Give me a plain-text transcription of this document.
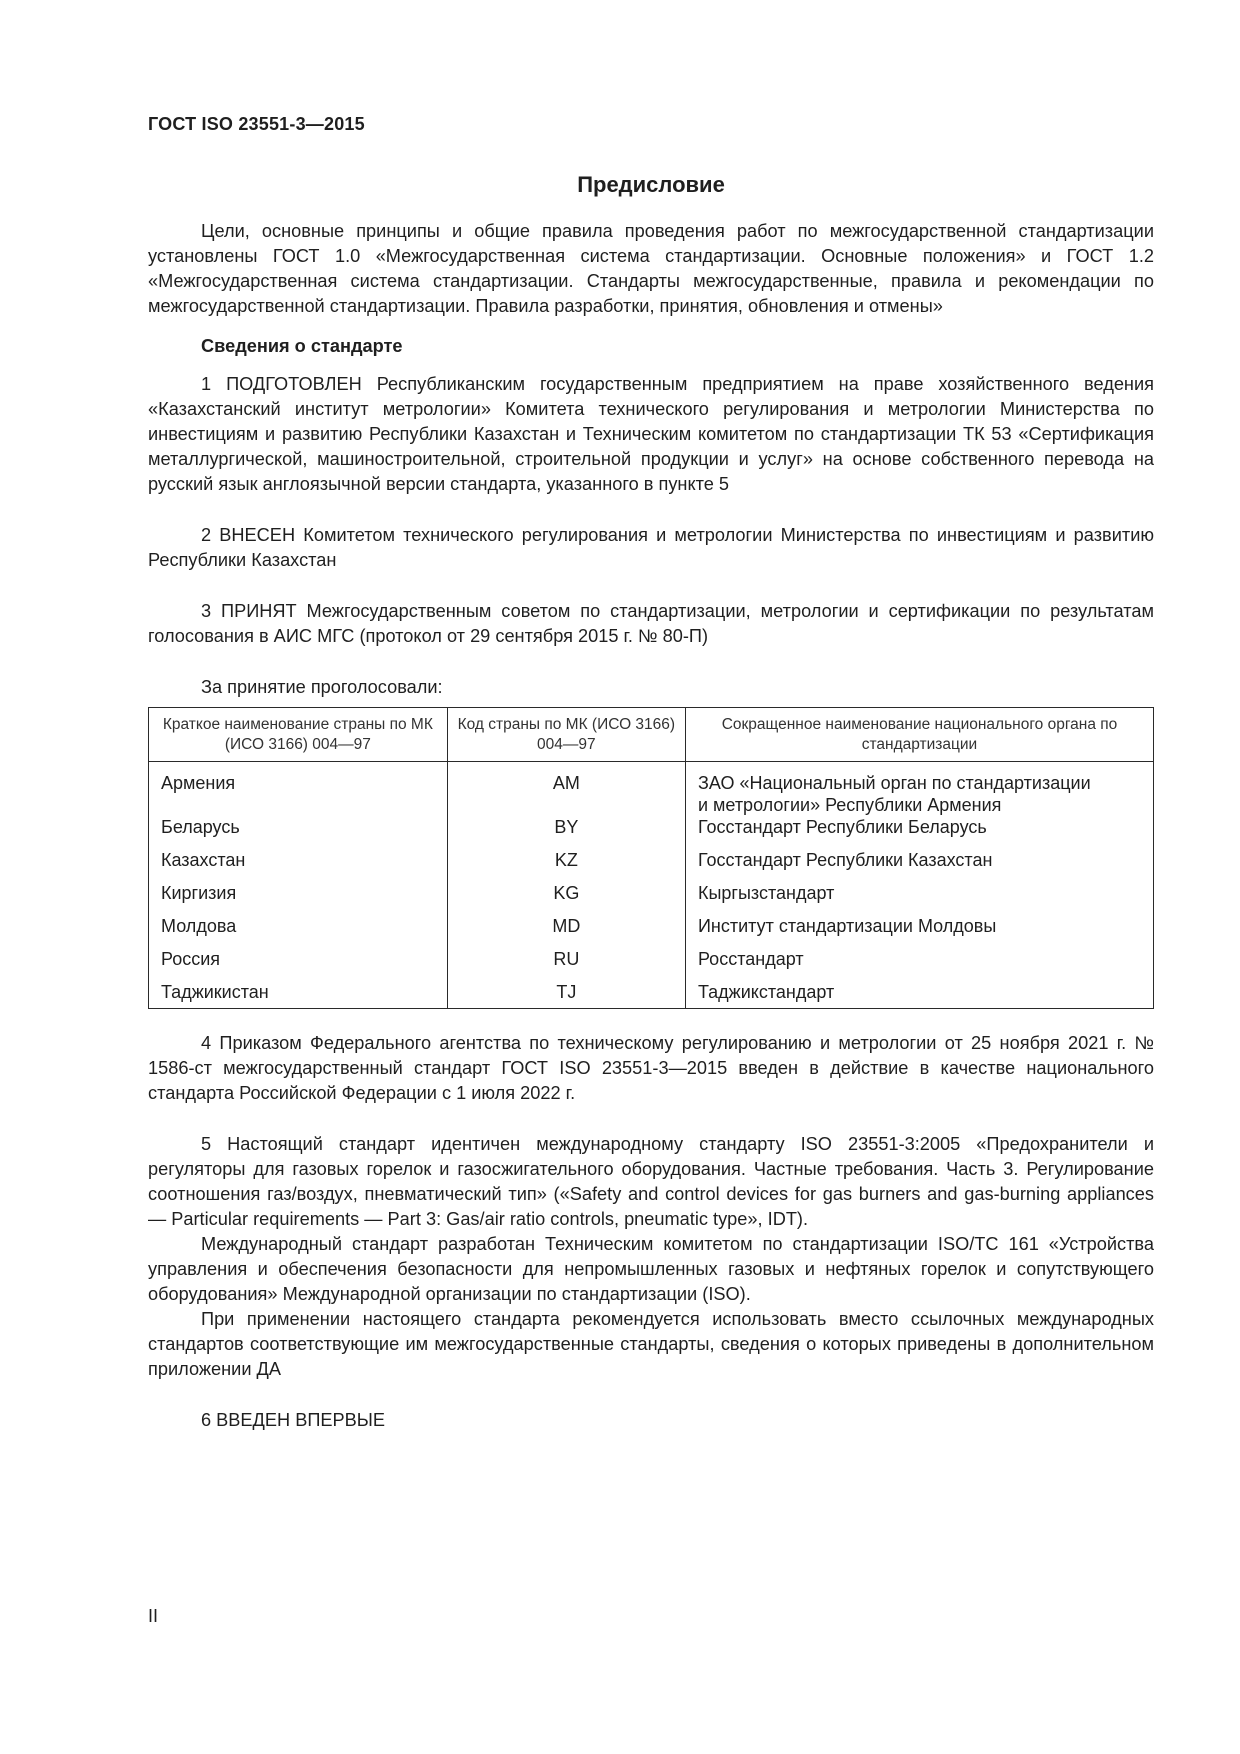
ГОСТ ISO 23551-3—2015
Предисловие

Цели, основные принципы и общие правила проведения работ по межгосударственной стандартизации установлены ГОСТ 1.0 «Межгосударственная система стандартизации. Основные положения» и ГОСТ 1.2 «Межгосударственная система стандартизации. Стандарты межгосударственные, правила и рекомендации по межгосударственной стандартизации. Правила разработки, принятия, обновления и отмены»

Сведения о стандарте

1 ПОДГОТОВЛЕН Республиканским государственным предприятием на праве хозяйственного ведения «Казахстанский институт метрологии» Комитета технического регулирования и метрологии Министерства по инвестициям и развитию Республики Казахстан и Техническим комитетом по стандартизации ТК 53 «Сертификация металлургической, машиностроительной, строительной продукции и услуг» на основе собственного перевода на русский язык англоязычной версии стандарта, указанного в пункте 5

2 ВНЕСЕН Комитетом технического регулирования и метрологии Министерства по инвестициям и развитию Республики Казахстан

3 ПРИНЯТ Межгосударственным советом по стандартизации, метрологии и сертификации по результатам голосования в АИС МГС (протокол от 29 сентября 2015 г. № 80-П)

За принятие проголосовали:

Краткое наименование страны по МК (ИСО 3166) 004—97	Код страны по МК (ИСО 3166) 004—97	Сокращенное наименование национального органа по стандартизации
Армения	AM	ЗАО «Национальный орган по стандартизации
и метрологии» Республики Армения

Беларусь	BY	Госстандарт Республики Беларусь
Казахстан	KZ	Госстандарт Республики Казахстан
Киргизия	KG	Кыргызстандарт
Молдова	MD	Институт стандартизации Молдовы
Россия	RU	Росстандарт
Таджикистан	TJ	Таджикстандарт

4 Приказом Федерального агентства по техническому регулированию и метрологии от 25 ноября 2021 г. № 1586-ст межгосударственный стандарт ГОСТ ISO 23551-3—2015 введен в действие в качестве национального стандарта Российской Федерации с 1 июля 2022 г.

5 Настоящий стандарт идентичен международному стандарту ISO 23551-3:2005 «Предохранители и регуляторы для газовых горелок и газосжигательного оборудования. Частные требования. Часть 3. Регулирование соотношения газ/воздух, пневматический тип» («Safety and control devices for gas burners and gas-burning appliances — Particular requirements — Part 3: Gas/air ratio controls, pneumatic type», IDT).

Международный стандарт разработан Техническим комитетом по стандартизации ISO/TC 161 «Устройства управления и обеспечения безопасности для непромышленных газовых и нефтяных горелок и сопутствующего оборудования» Международной организации по стандартизации (ISO).

При применении настоящего стандарта рекомендуется использовать вместо ссылочных международных стандартов соответствующие им межгосударственные стандарты, сведения о которых приведены в дополнительном приложении ДА

6 ВВЕДЕН ВПЕРВЫЕ

II
